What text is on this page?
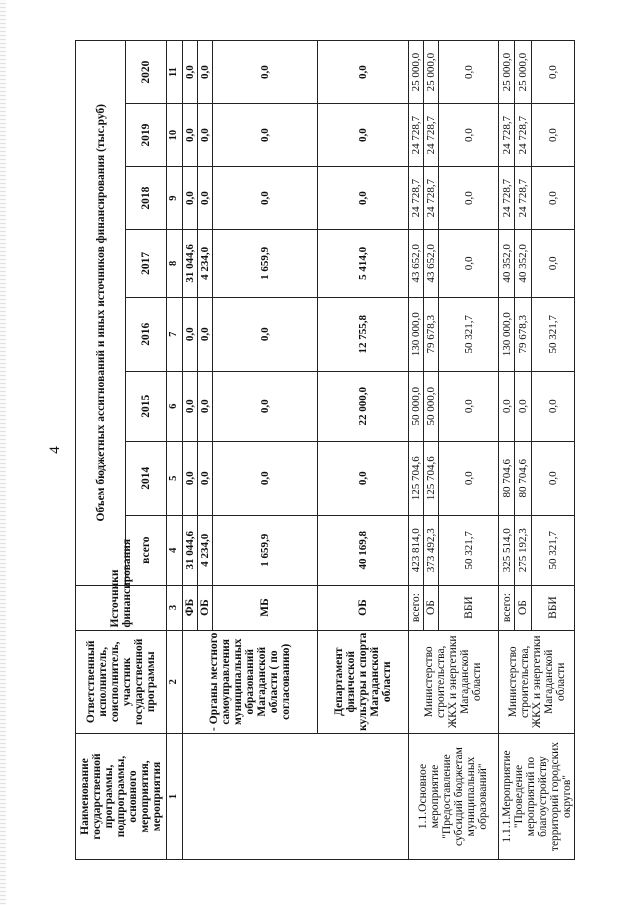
4
Наименование государственной программы, подпрограммы, основного мероприятия, мероприятия	Ответственный исполнитель, соисполнитель, участник государственной программы	Источники финансирования	Объем бюджетных ассигнований и иных источников финансирования (тыс.руб)							
			всего	2014	2015	2016	2017	2018	2019	2020
1	2	3	4	5	6	7	8	9	10	11
	- Органы местного самоуправления муниципальных образований Магаданской области ( по согласованию)	ФБ	31 044,6	0,0	0,0	0,0	31 044,6	0,0	0,0	0,0
		ОБ	4 234,0	0,0	0,0	0,0	4 234,0	0,0	0,0	0,0
		МБ	1 659,9	0,0	0,0	0,0	1 659,9	0,0	0,0	0,0
	Департамент физической культуры и спорта Магаданской области	ОБ	40 169,8	0,0	22 000,0	12 755,8	5 414,0	0,0	0,0	0,0
1.1.Основное мероприятие "Предоставление субсидий бюджетам муниципальных образований"	Министерство строительства, ЖКХ и энергетики Магаданской области	всего:	423 814,0	125 704,6	50 000,0	130 000,0	43 652,0	24 728,7	24 728,7	25 000,0
		ОБ	373 492,3	125 704,6	50 000,0	79 678,3	43 652,0	24 728,7	24 728,7	25 000,0
		ВБИ	50 321,7	0,0	0,0	50 321,7	0,0	0,0	0,0	0,0
1.1.1.Мероприятие "Проведение мероприятий по благоустройству территорий городских округов"	Министерство строительства, ЖКХ и энергетики Магаданской области	всего:	325 514,0	80 704,6	0,0	130 000,0	40 352,0	24 728,7	24 728,7	25 000,0
		ОБ	275 192,3	80 704,6	0,0	79 678,3	40 352,0	24 728,7	24 728,7	25 000,0
		ВБИ	50 321,7	0,0	0,0	50 321,7	0,0	0,0	0,0	0,0
